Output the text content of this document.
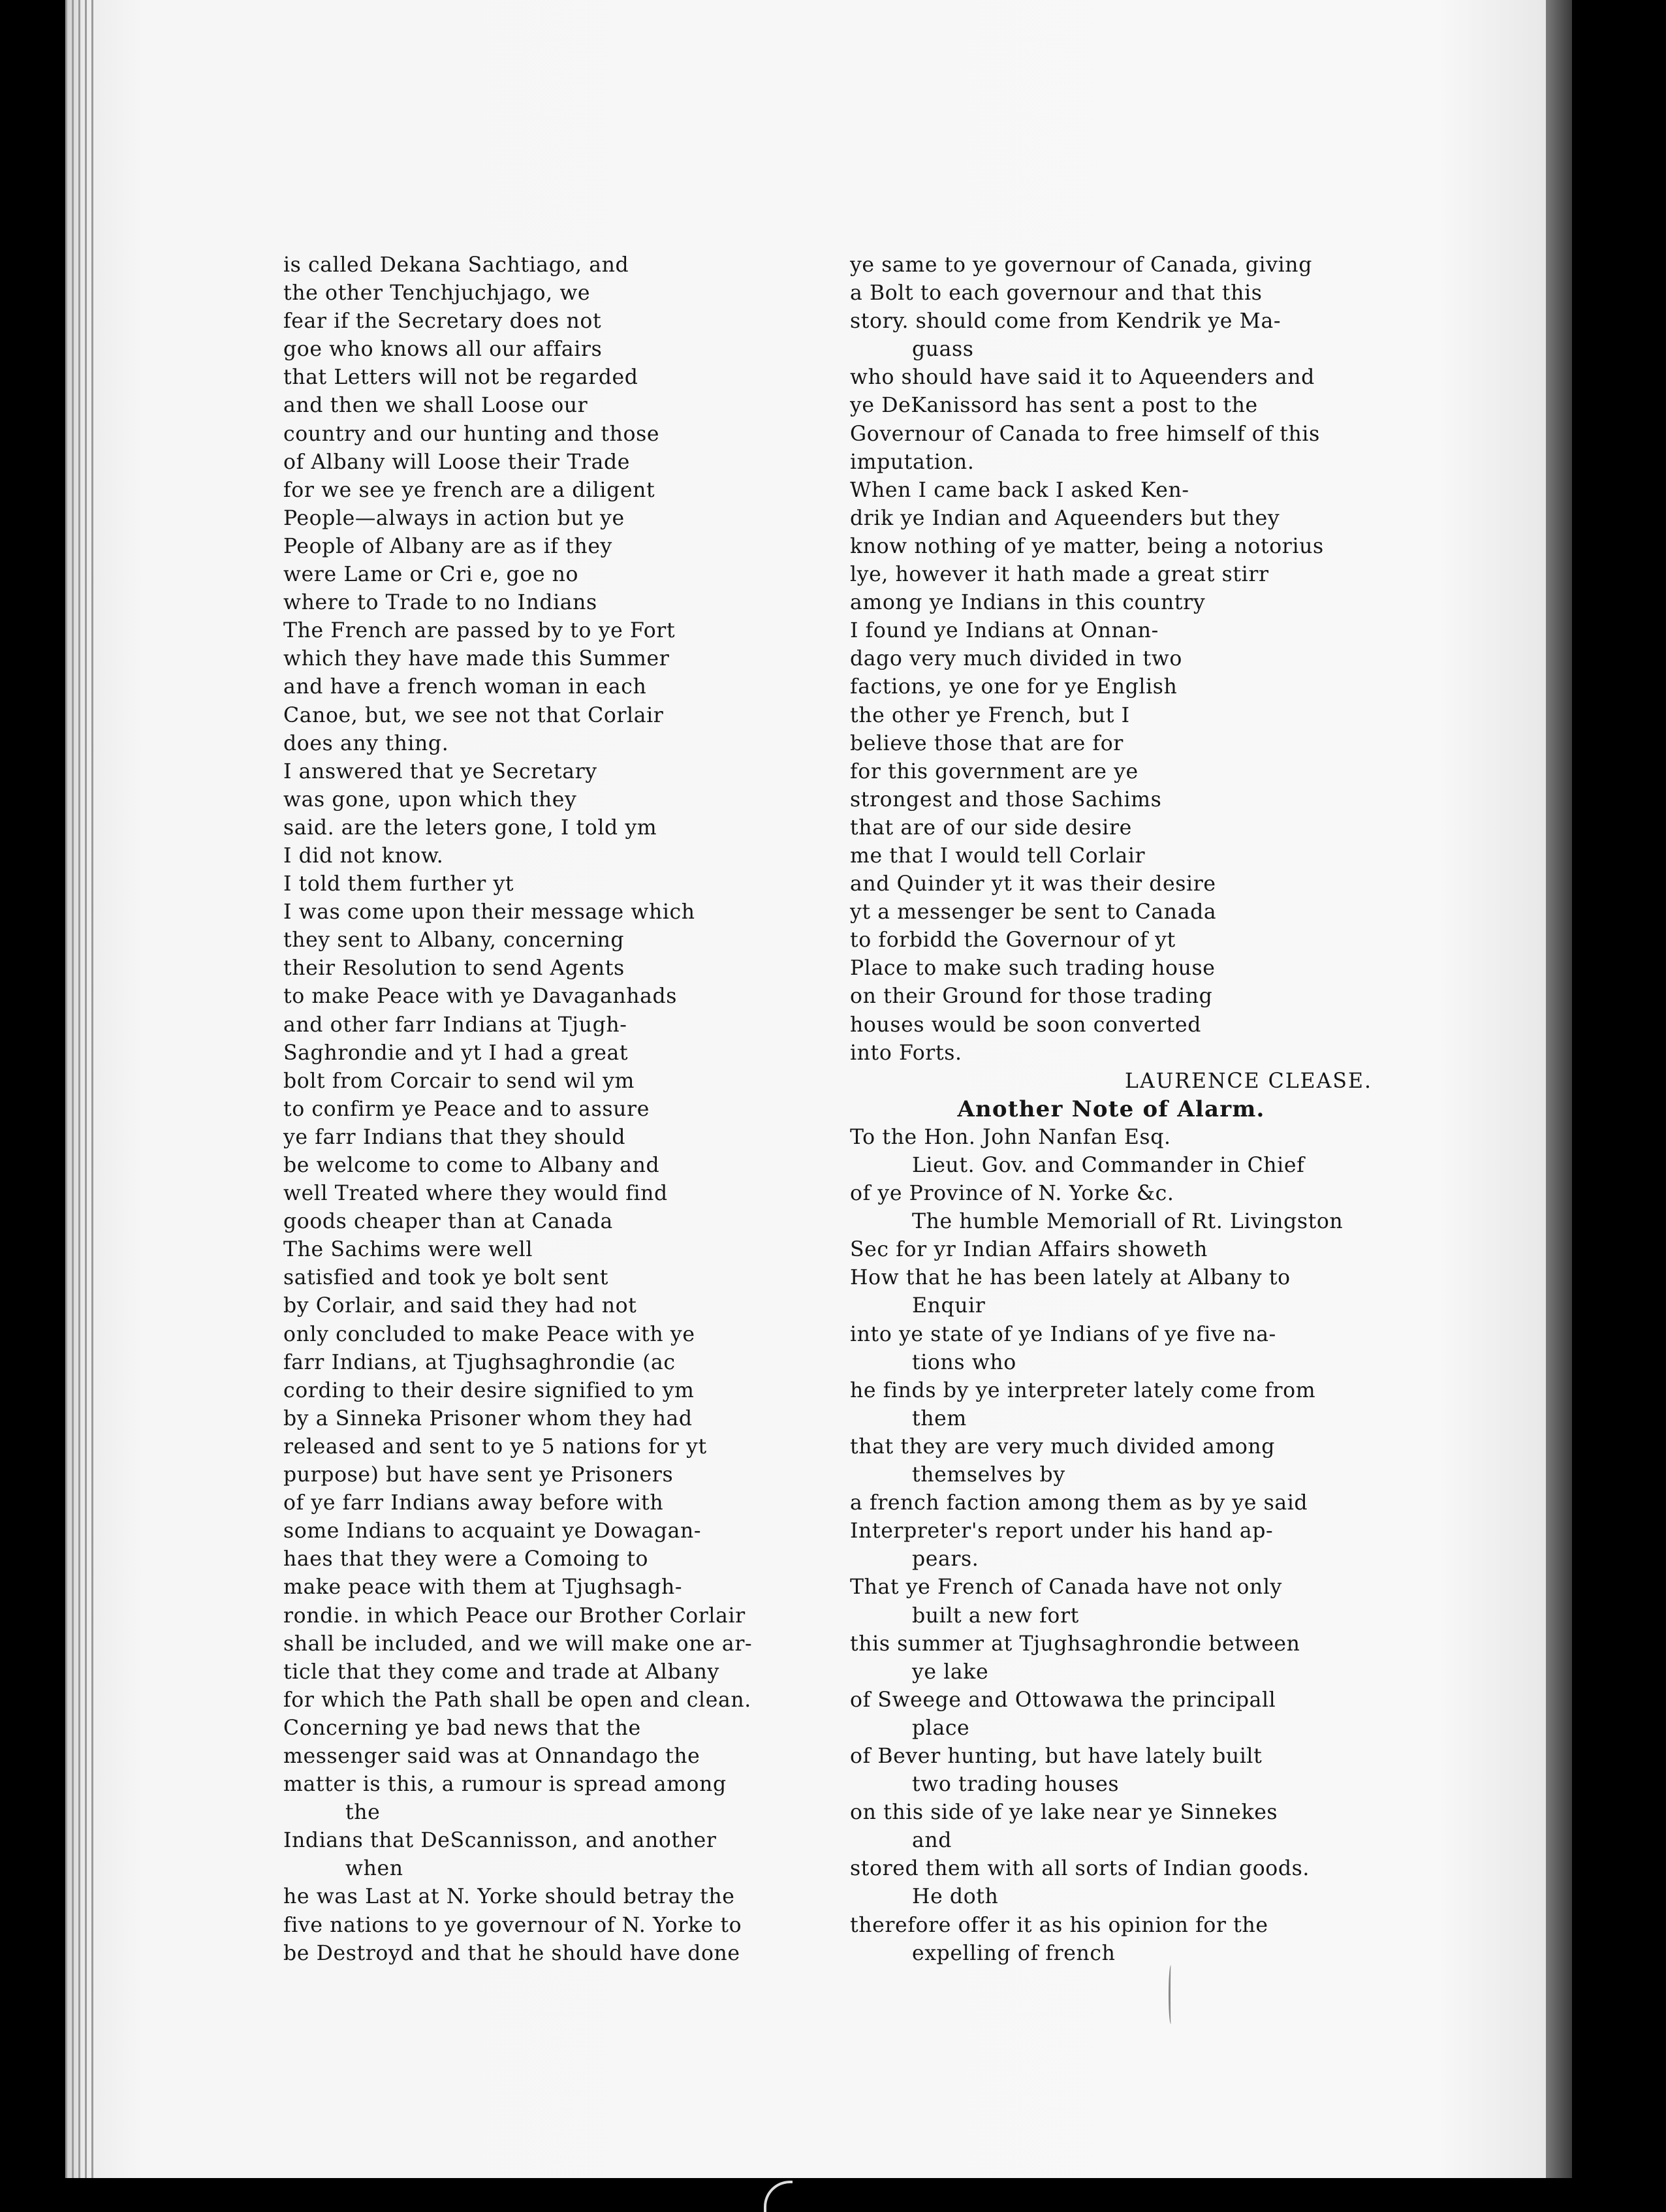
is called Dekana Sachtiago, and
the other Tenchjuchjago, we
fear if the Secretary does not
goe who knows all our affairs
that Letters will not be regarded
and then we shall Loose our
country and our hunting and those
of Albany will Loose their Trade
for we see ye french are a diligent
People—always in action but ye
People of Albany are as if they
were Lame or Cri e, goe no
where to Trade to no Indians
The French are passed by to ye Fort
which they have made this Summer
and have a french woman in each
Canoe, but, we see not that Corlair
does any thing.
I answered that ye Secretary
was gone, upon which they
said. are the leters gone, I told ym
I did not know.
I told them further yt
I was come upon their message which
they sent to Albany, concerning
their Resolution to send Agents
to make Peace with ye Davaganhads
and other farr Indians at Tjugh-
Saghrondie and yt I had a great
bolt from Corcair to send wil ym
to confirm ye Peace and to assure
ye farr Indians that they should
be welcome to come to Albany and
well Treated where they would find
goods cheaper than at Canada
The Sachims were well
satisfied and took ye bolt sent
by Corlair, and said they had not
only concluded to make Peace with ye
farr Indians, at Tjughsaghrondie (ac
cording to their desire signified to ym
by a Sinneka Prisoner whom they had
released and sent to ye 5 nations for yt
purpose) but have sent ye Prisoners
of ye farr Indians away before with
some Indians to acquaint ye Dowagan-
haes that they were a Comoing to
make peace with them at Tjughsagh-
rondie. in which Peace our Brother Corlair
shall be included, and we will make one ar-
ticle that they come and trade at Albany
for which the Path shall be open and clean.
Concerning ye bad news that the
messenger said was at Onnandago the
matter is this, a rumour is spread among
the
Indians that DeScannisson, and another
when
he was Last at N. Yorke should betray the
five nations to ye governour of N. Yorke to
be Destroyd and that he should have done
ye same to ye governour of Canada, giving
a Bolt to each governour and that this
story. should come from Kendrik ye Ma-
guass
who should have said it to Aqueenders and
ye DeKanissord has sent a post to the
Governour of Canada to free himself of this
imputation.
When I came back I asked Ken-
drik ye Indian and Aqueenders but they
know nothing of ye matter, being a notorius
lye, however it hath made a great stirr
among ye Indians in this country
I found ye Indians at Onnan-
dago very much divided in two
factions, ye one for ye English
the other ye French, but I
believe those that are for
for this government are ye
strongest and those Sachims
that are of our side desire
me that I would tell Corlair
and Quinder yt it was their desire
yt a messenger be sent to Canada
to forbidd the Governour of yt
Place to make such trading house
on their Ground for those trading
houses would be soon converted
into Forts.
LAURENCE CLEASE.
Another Note of Alarm.
To the Hon. John Nanfan Esq.
Lieut. Gov. and Commander in Chief
of ye Province of N. Yorke &c.
The humble Memoriall of Rt. Livingston
Sec for yr Indian Affairs showeth
How that he has been lately at Albany to
Enquir
into ye state of ye Indians of ye five na-
tions who
he finds by ye interpreter lately come from
them
that they are very much divided among
themselves by
a french faction among them as by ye said
Interpreter's report under his hand ap-
pears.
That ye French of Canada have not only
built a new fort
this summer at Tjughsaghrondie between
ye lake
of Sweege and Ottowawa the principall
place
of Bever hunting, but have lately built
two trading houses
on this side of ye lake near ye Sinnekes
and
stored them with all sorts of Indian goods.
He doth
therefore offer it as his opinion for the
expelling of french
